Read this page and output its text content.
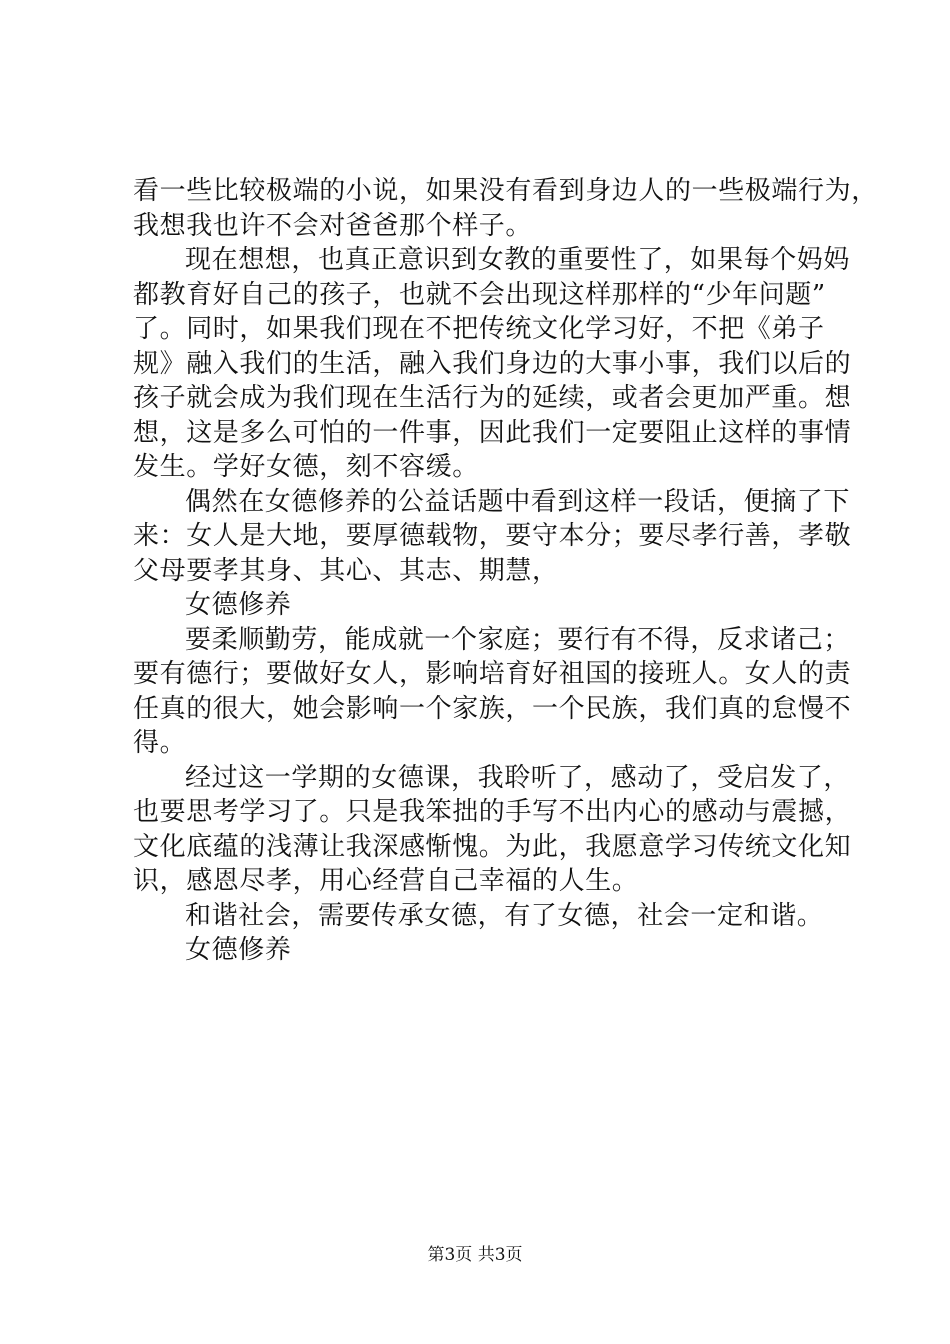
看一些比较极端的小说，如果没有看到身边人的一些极端行为，
我想我也许不会对爸爸那个样子。
现在想想，也真正意识到女教的重要性了，如果每个妈妈
都教育好自己的孩子，也就不会出现这样那样的“少年问题”
了。同时，如果我们现在不把传统文化学习好，不把《弟子
规》融入我们的生活，融入我们身边的大事小事，我们以后的
孩子就会成为我们现在生活行为的延续，或者会更加严重。想
想，这是多么可怕的一件事，因此我们一定要阻止这样的事情
发生。学好女德，刻不容缓。
偶然在女德修养的公益话题中看到这样一段话，便摘了下
来：女人是大地，要厚德载物，要守本分；要尽孝行善，孝敬
父母要孝其身、其心、其志、期慧，
女德修养
要柔顺勤劳，能成就一个家庭；要行有不得，反求诸己；
要有德行；要做好女人，影响培育好祖国的接班人。女人的责
任真的很大，她会影响一个家族，一个民族，我们真的怠慢不
得。
经过这一学期的女德课，我聆听了，感动了，受启发了，
也要思考学习了。只是我笨拙的手写不出内心的感动与震撼，
文化底蕴的浅薄让我深感惭愧。为此，我愿意学习传统文化知
识，感恩尽孝，用心经营自己幸福的人生。
和谐社会，需要传承女德，有了女德，社会一定和谐。
女德修养
第3页 共3页
